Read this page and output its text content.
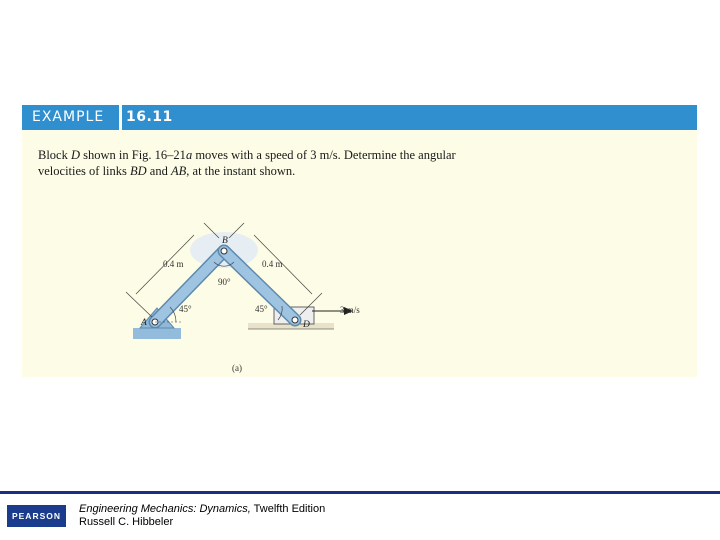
EXAMPLE 16.11

Block D shown in Fig. 16–21a moves with a speed of 3 m/s. Determine the angular velocities of links BD and AB, at the instant shown.

B
A	D
0.4 m	0.4 m
90°
45°	45°	3 m/s
(a)
PEARSON
Engineering Mechanics: Dynamics, Twelfth Edition
Russell C. Hibbeler
